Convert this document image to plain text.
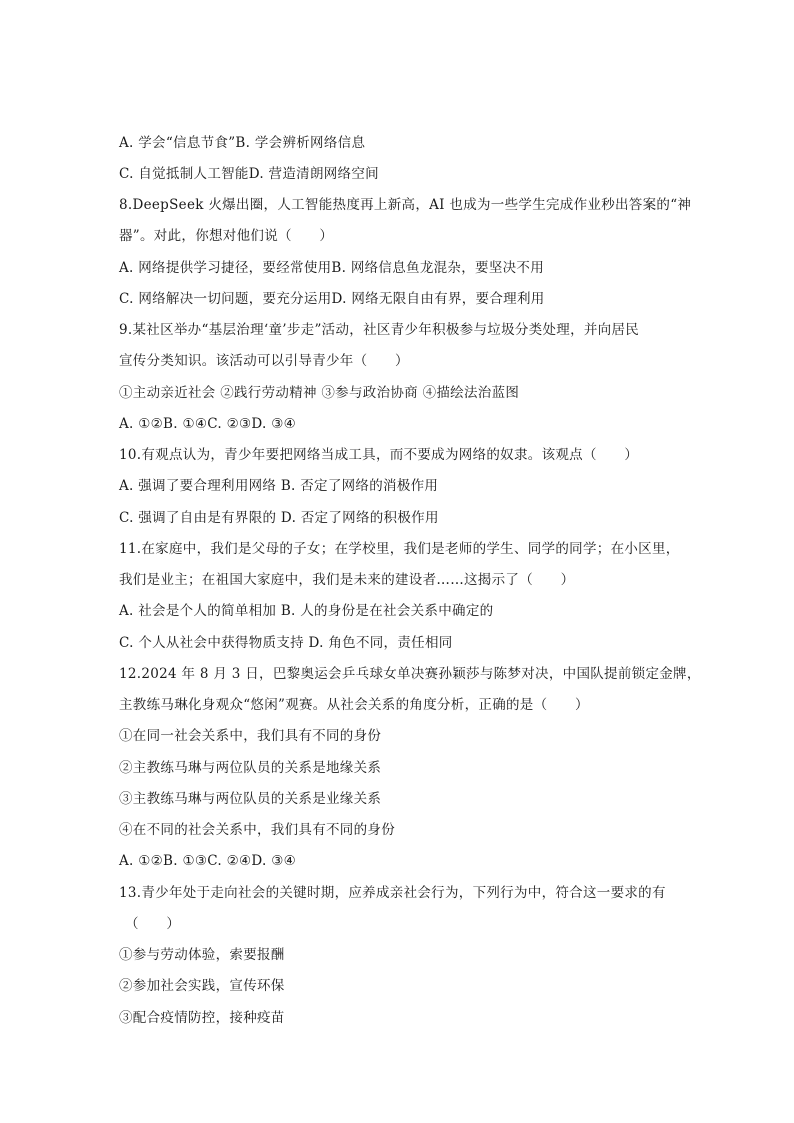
A. 学会“信息节食”B. 学会辨析网络信息
C. 自觉抵制人工智能D. 营造清朗网络空间
8.DeepSeek 火爆出圈，人工智能热度再上新高，AI 也成为一些学生完成作业秒出答案的“神
器”。对此，你想对他们说（　　）
A. 网络提供学习捷径，要经常使用B. 网络信息鱼龙混杂，要坚决不用
C. 网络解决一切问题，要充分运用D. 网络无限自由有界，要合理利用
9.某社区举办“基层治理‘童’步走”活动，社区青少年积极参与垃圾分类处理，并向居民
宣传分类知识。该活动可以引导青少年（　　）
①主动亲近社会 ②践行劳动精神 ③参与政治协商 ④描绘法治蓝图
A. ①②B. ①④C. ②③D. ③④
10.有观点认为，青少年要把网络当成工具，而不要成为网络的奴隶。该观点（　　）
A. 强调了要合理利用网络 B. 否定了网络的消极作用
C. 强调了自由是有界限的 D. 否定了网络的积极作用
11.在家庭中，我们是父母的子女；在学校里，我们是老师的学生、同学的同学；在小区里，
我们是业主；在祖国大家庭中，我们是未来的建设者……这揭示了（　　）
A. 社会是个人的简单相加 B. 人的身份是在社会关系中确定的
C. 个人从社会中获得物质支持 D. 角色不同，责任相同
12.2024 年 8 月 3 日，巴黎奥运会乒乓球女单决赛孙颖莎与陈梦对决，中国队提前锁定金牌，
主教练马琳化身观众“悠闲”观赛。从社会关系的角度分析，正确的是（　　）
①在同一社会关系中，我们具有不同的身份
②主教练马琳与两位队员的关系是地缘关系
③主教练马琳与两位队员的关系是业缘关系
④在不同的社会关系中，我们具有不同的身份
A. ①②B. ①③C. ②④D. ③④
13.青少年处于走向社会的关键时期，应养成亲社会行为，下列行为中，符合这一要求的有
（　　）
①参与劳动体验，索要报酬
②参加社会实践，宣传环保
③配合疫情防控，接种疫苗
